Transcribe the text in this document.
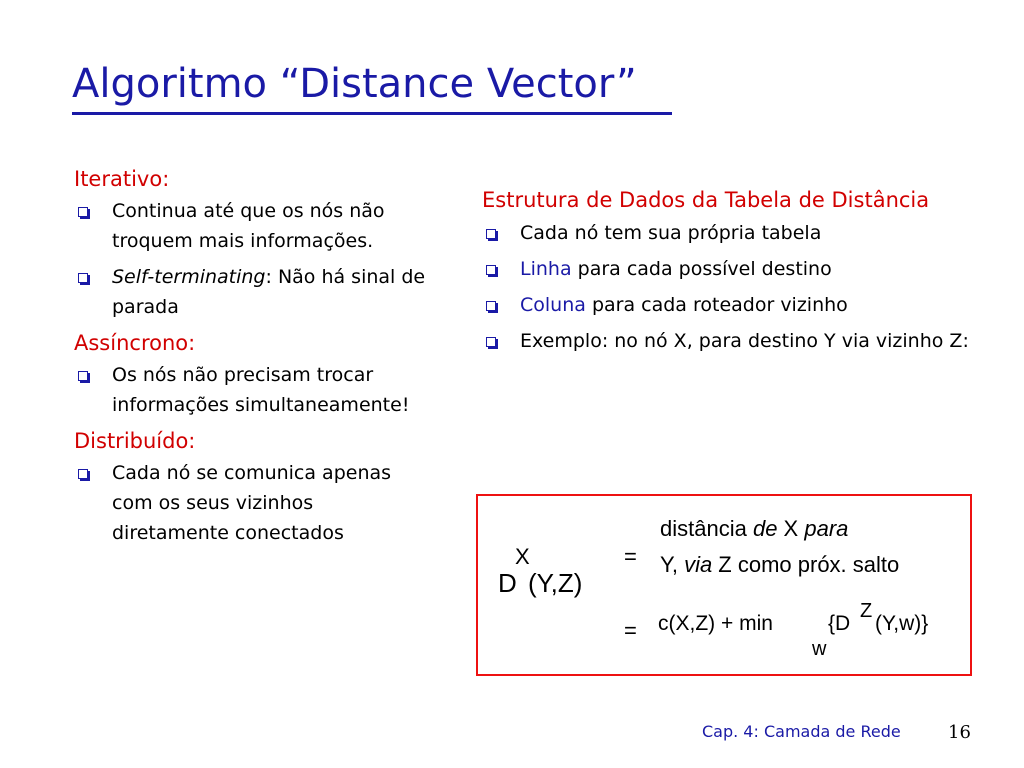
Algoritmo “Distance Vector”
Iterativo:
Continua até que os nós não troquem mais informações.
Self-terminating: Não há sinal de parada
Assíncrono:
Os nós não precisam trocar informações simultaneamente!
Distribuído:
Cada nó se comunica apenas com os seus vizinhos diretamente conectados
Estrutura de Dados da Tabela de Distância
Cada nó tem sua própria tabela
Linha para cada possível destino
Coluna para cada roteador vizinho
Exemplo: no nó X, para destino Y via vizinho Z:
X
D (Y,Z)
=
=
distância de X para
Y, via Z como próx. salto
c(X,Z) + min
w
{D
Z
(Y,w)}
Cap. 4: Camada de Rede	16
